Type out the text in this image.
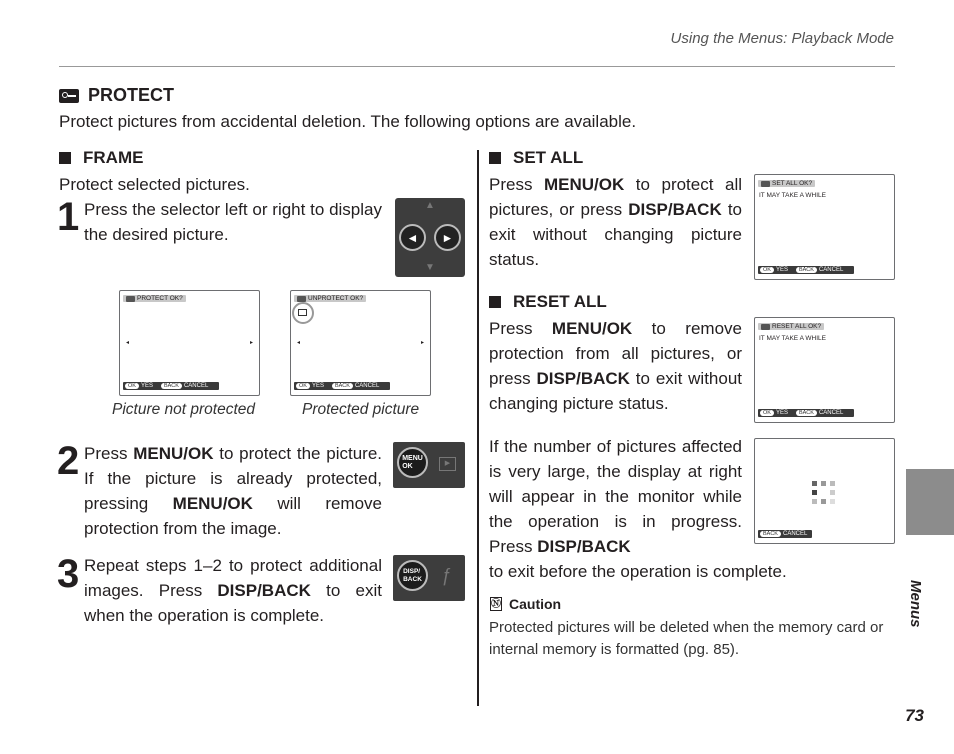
Using the Menus: Playback Mode
PROTECT
Protect pictures from accidental deletion. The following options are available.
FRAME
Protect selected pictures.
1 Press the selector left or right to display the desired picture.
▲
◄	►
▼
PROTECT OK?
◂	▸
OK YES	BACK CANCEL
UNPROTECT OK?
◂	▸
OK YES	BACK CANCEL
Picture not protected	Protected picture
2 Press MENU/OK to protect the picture. If the picture is already protected, pressing MENU/OK will remove protection from the image.
MENU
OK	▶
3 Repeat steps 1–2 to protect additional images. Press DISP/BACK to exit when the operation is complete.
DISP/
BACK	ƒ
SET ALL
Press MENU/OK to protect all pictures, or press DISP/BACK to exit without changing picture status.
SET ALL OK?
IT MAY TAKE A WHILE
OK YES	BACK CANCEL
RESET ALL
Press MENU/OK to remove protection from all pictures, or press DISP/BACK to exit without changing picture status.
RESET ALL OK?
IT MAY TAKE A WHILE
OK YES	BACK CANCEL
If the number of pictures affected is very large, the display at right will appear in the monitor while the operation is in progress. Press DISP/BACK
to exit before the operation is complete.
BACK CANCEL
Ⓝ Caution
Protected pictures will be deleted when the memory card or internal memory is formatted (pg. 85).
Menus
73
